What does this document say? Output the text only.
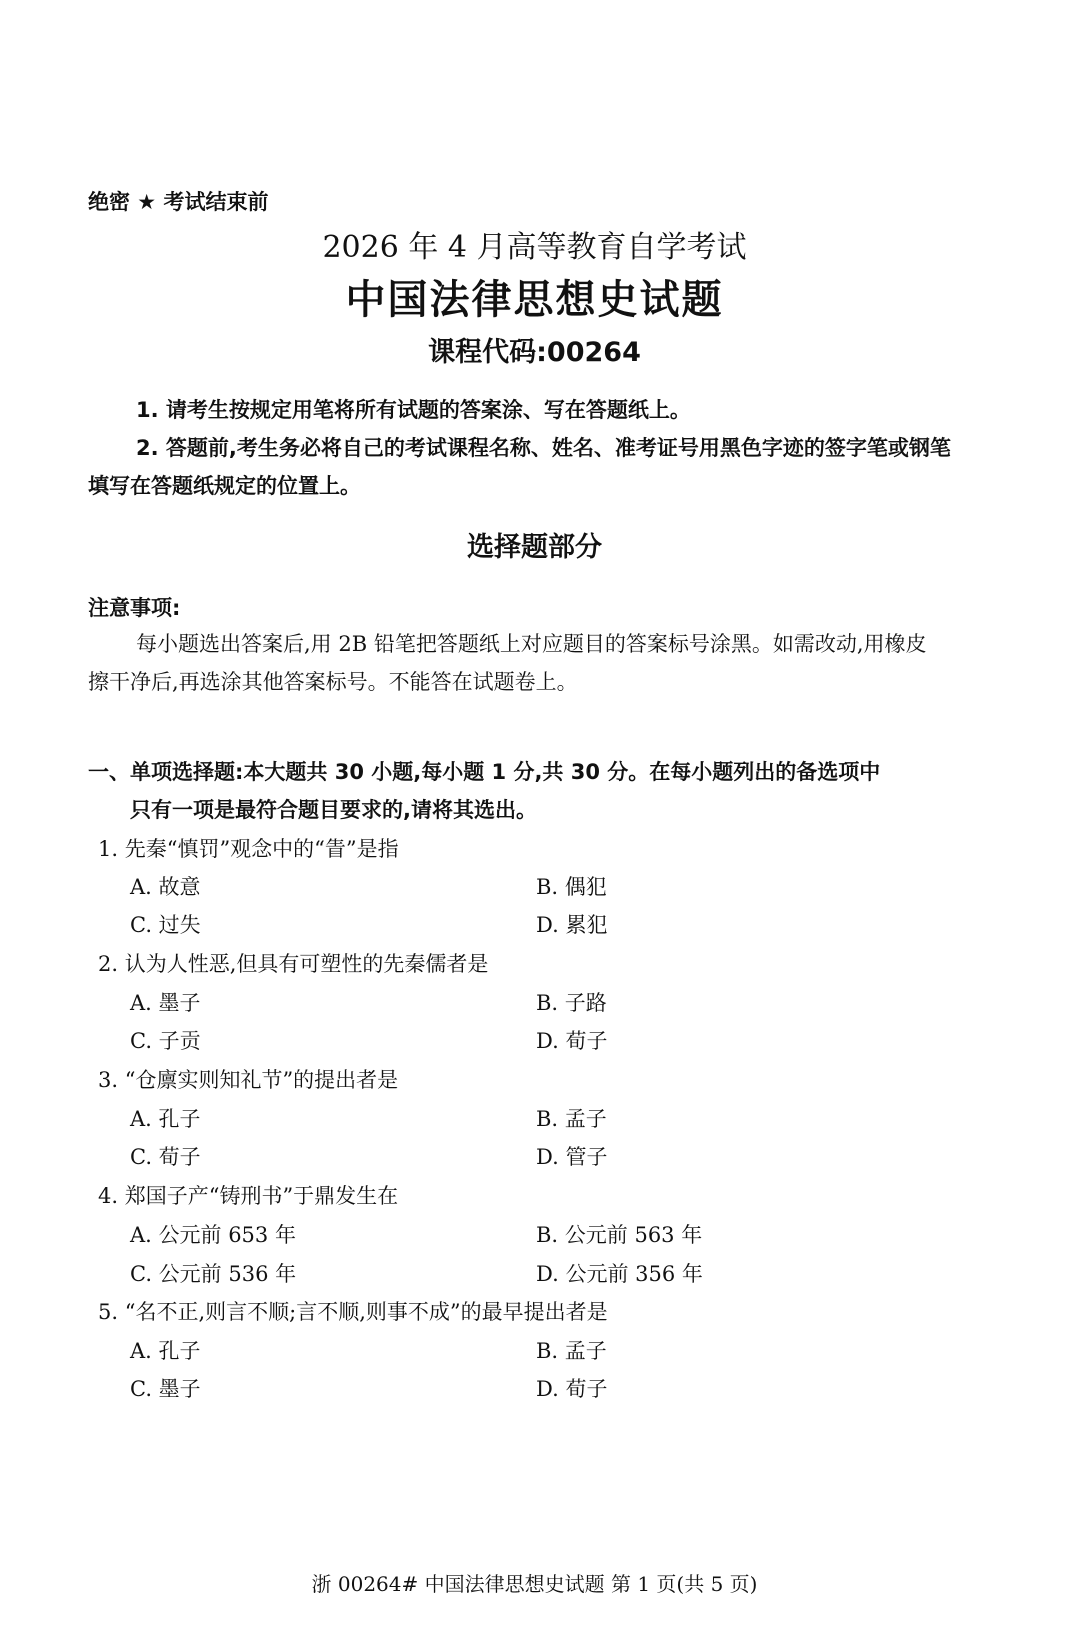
绝密 ★ 考试结束前
2026 年 4 月高等教育自学考试
中国法律思想史试题
课程代码:00264
1. 请考生按规定用笔将所有试题的答案涂、写在答题纸上。
2. 答题前,考生务必将自己的考试课程名称、姓名、准考证号用黑色字迹的签字笔或钢笔
填写在答题纸规定的位置上。
选择题部分
注意事项:
每小题选出答案后,用 2B 铅笔把答题纸上对应题目的答案标号涂黑。如需改动,用橡皮
擦干净后,再选涂其他答案标号。不能答在试题卷上。
一、单项选择题:本大题共 30 小题,每小题 1 分,共 30 分。在每小题列出的备选项中
只有一项是最符合题目要求的,请将其选出。
1. 先秦“慎罚”观念中的“眚”是指
A. 故意	B. 偶犯
C. 过失	D. 累犯
2. 认为人性恶,但具有可塑性的先秦儒者是
A. 墨子	B. 子路
C. 子贡	D. 荀子
3. “仓廪实则知礼节”的提出者是
A. 孔子	B. 孟子
C. 荀子	D. 管子
4. 郑国子产“铸刑书”于鼎发生在
A. 公元前 653 年	B. 公元前 563 年
C. 公元前 536 年	D. 公元前 356 年
5. “名不正,则言不顺;言不顺,则事不成”的最早提出者是
A. 孔子	B. 孟子
C. 墨子	D. 荀子
浙 00264# 中国法律思想史试题 第 1 页(共 5 页)
